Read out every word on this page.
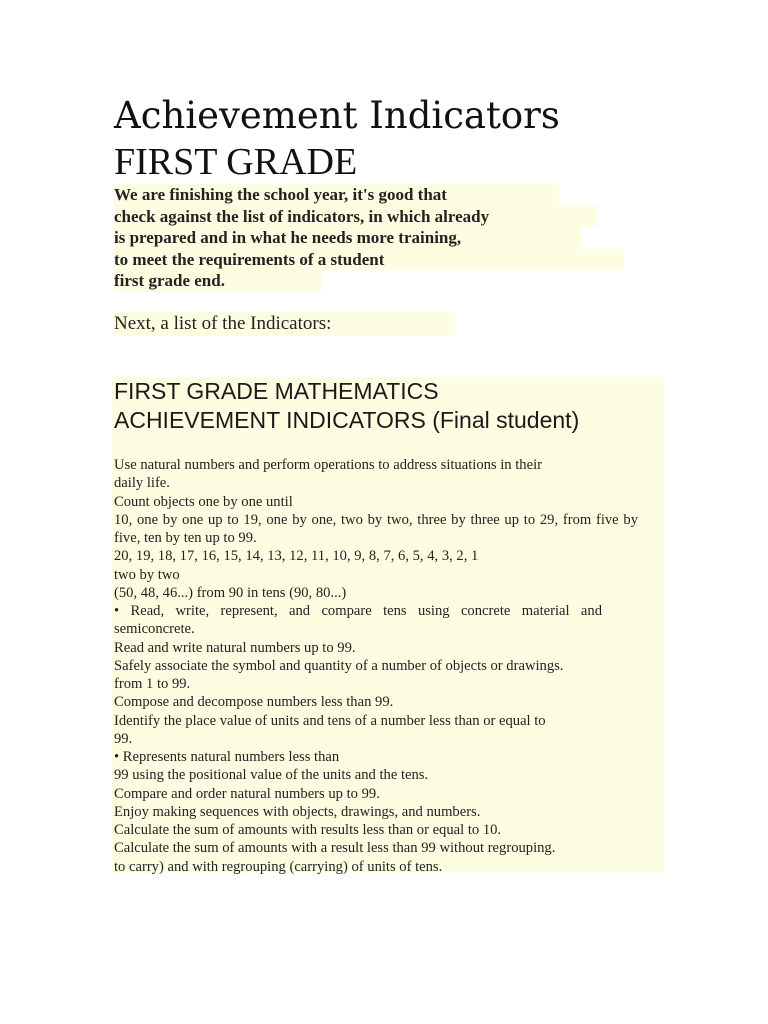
Achievement Indicators
FIRST GRADE
We are finishing the school year, it's good that
check against the list of indicators, in which already
is prepared and in what he needs more training,
to meet the requirements of a student
first grade end.
Next, a list of the Indicators:
FIRST GRADE MATHEMATICS
ACHIEVEMENT INDICATORS (Final student)
Use natural numbers and perform operations to address situations in their
daily life.
Count objects one by one until
10, one by one up to 19, one by one, two by two, three by three up to 29, from five by five, ten by ten up to 99.
20, 19, 18, 17, 16, 15, 14, 13, 12, 11, 10, 9, 8, 7, 6, 5, 4, 3, 2, 1
two by two
(50, 48, 46...) from 90 in tens (90, 80...)
• Read, write, represent, and compare tens using concrete material and semiconcrete.
Read and write natural numbers up to 99.
Safely associate the symbol and quantity of a number of objects or drawings.
from 1 to 99.
Compose and decompose numbers less than 99.
Identify the place value of units and tens of a number less than or equal to
99.
• Represents natural numbers less than
99 using the positional value of the units and the tens.
Compare and order natural numbers up to 99.
Enjoy making sequences with objects, drawings, and numbers.
Calculate the sum of amounts with results less than or equal to 10.
Calculate the sum of amounts with a result less than 99 without regrouping.
to carry) and with regrouping (carrying) of units of tens.
